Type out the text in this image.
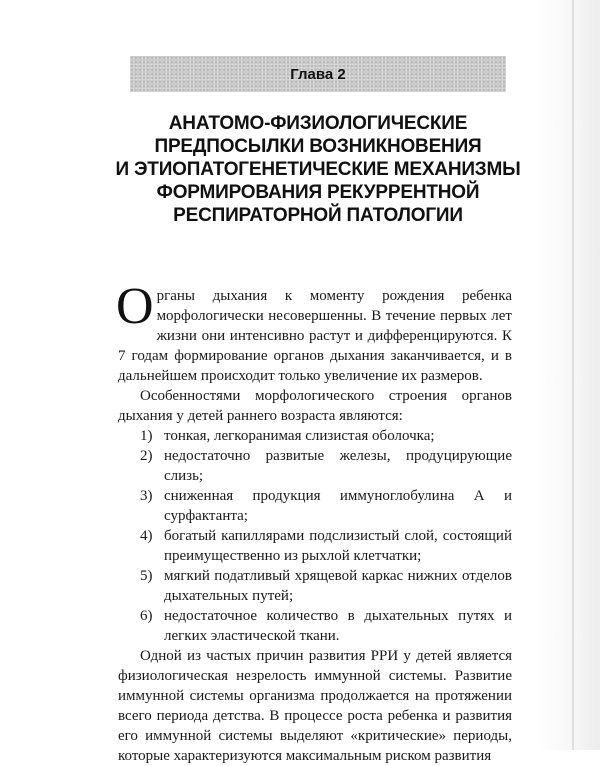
Глава 2
АНАТОМО-ФИЗИОЛОГИЧЕСКИЕ
ПРЕДПОСЫЛКИ ВОЗНИКНОВЕНИЯ
И ЭТИОПАТОГЕНЕТИЧЕСКИЕ МЕХАНИЗМЫ
ФОРМИРОВАНИЯ РЕКУРРЕНТНОЙ
РЕСПИРАТОРНОЙ ПАТОЛОГИИ

Органы дыхания к моменту рождения ребенка морфологически несовершенны. В течение первых лет жизни они интенсивно растут и дифференцируются. К 7 годам формирование органов дыхания заканчивается, и в дальнейшем происходит только увеличение их размеров.

Особенностями морфологического строения органов дыхания у детей раннего возраста являются:

1) тонкая, легкоранимая слизистая оболочка;
2) недостаточно развитые железы, продуцирующие слизь;
3) сниженная продукция иммуноглобулина А и сурфактанта;
4) богатый капиллярами подслизистый слой, состоящий преимущественно из рыхлой клетчатки;
5) мягкий податливый хрящевой каркас нижних отделов дыхательных путей;
6) недостаточное количество в дыхательных путях и легких эластической ткани.

Одной из частых причин развития РРИ у детей является физиологическая незрелость иммунной системы. Развитие иммунной системы организма продолжается на протяжении всего периода детства. В процессе роста ребенка и развития его иммунной системы выделяют «критические» периоды, которые характеризуются максимальным риском развития
